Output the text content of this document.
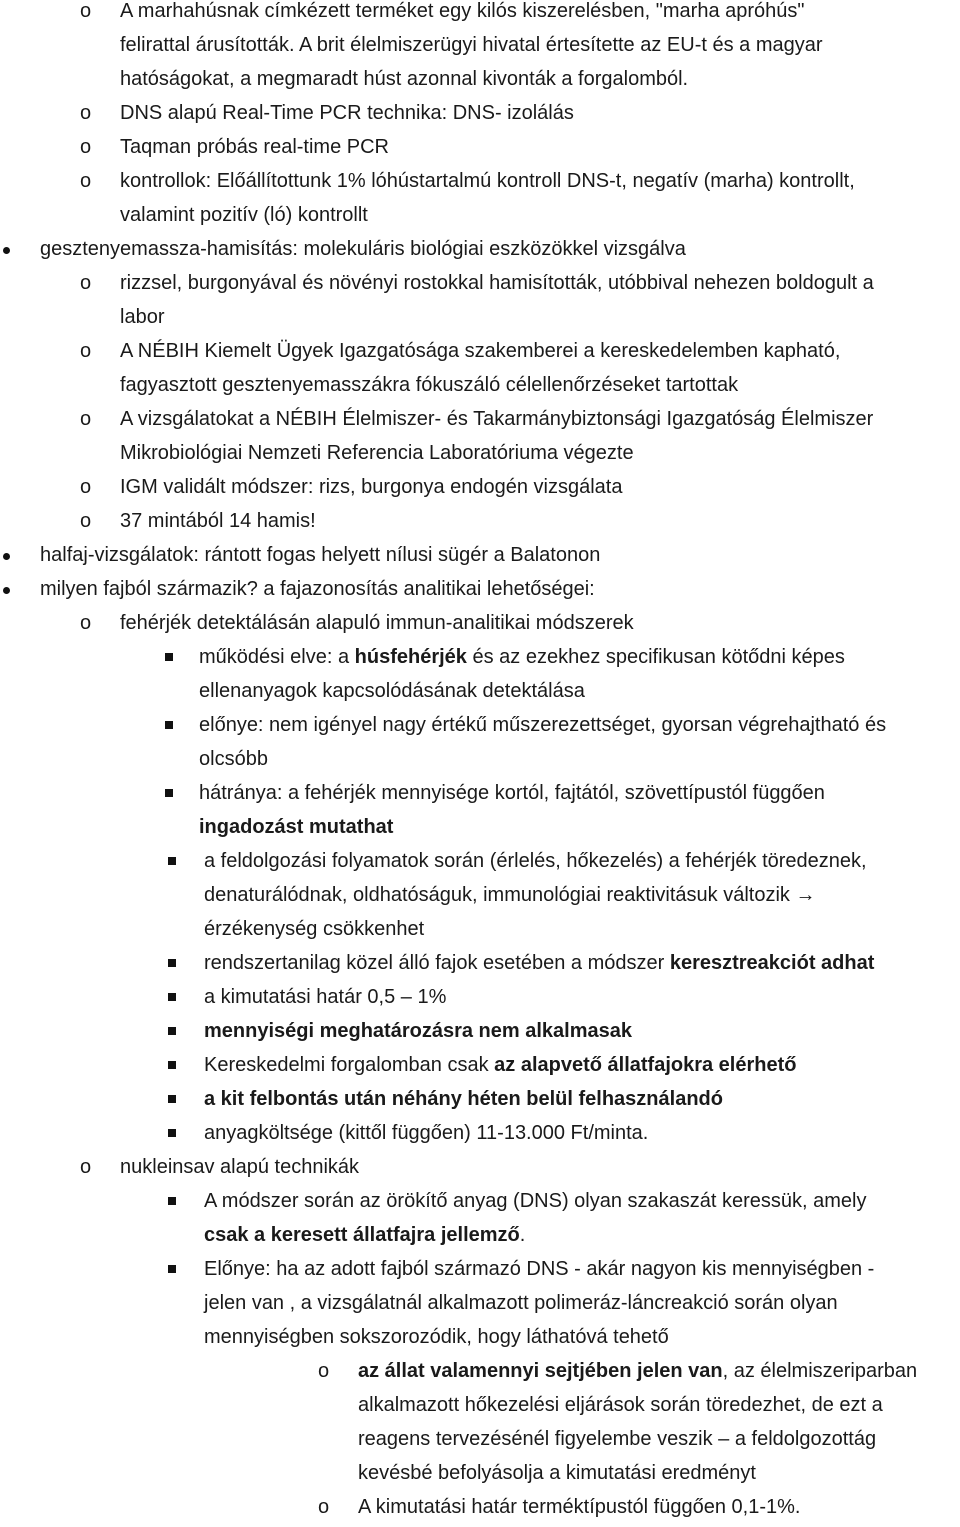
o A marhahúsnak címkézett terméket egy kilós kiszerelésben, "marha apróhús"
felirattal árusították. A brit élelmiszerügyi hivatal értesítette az EU-t és a magyar
hatóságokat, a megmaradt húst azonnal kivonták a forgalomból.
o DNS alapú Real-Time PCR technika: DNS- izolálás
o Taqman próbás real-time PCR
o kontrollok: Előállítottunk 1% lóhústartalmú kontroll DNS-t, negatív (marha) kontrollt,
valamint pozitív (ló) kontrollt
gesztenyemassza-hamisítás: molekuláris biológiai eszközökkel vizsgálva
o rizzsel, burgonyával és növényi rostokkal hamisították, utóbbival nehezen boldogult a
labor
o A NÉBIH Kiemelt Ügyek Igazgatósága szakemberei a kereskedelemben kapható,
fagyasztott gesztenyemasszákra fókuszáló célellenőrzéseket tartottak
o A vizsgálatokat a NÉBIH Élelmiszer- és Takarmánybiztonsági Igazgatóság Élelmiszer
Mikrobiológiai Nemzeti Referencia Laboratóriuma végezte
o IGM validált módszer: rizs, burgonya endogén vizsgálata
o 37 mintából 14 hamis!
halfaj-vizsgálatok: rántott fogas helyett nílusi sügér a Balatonon
milyen fajból származik? a fajazonosítás analitikai lehetőségei:
o fehérjék detektálásán alapuló immun-analitikai módszerek
működési elve: a húsfehérjék és az ezekhez specifikusan kötődni képes
ellenanyagok kapcsolódásának detektálása
előnye: nem igényel nagy értékű műszerezettséget, gyorsan végrehajtható és
olcsóbb
hátránya: a fehérjék mennyisége kortól, fajtától, szövettípustól függően
ingadozást mutathat
a feldolgozási folyamatok során (érlelés, hőkezelés) a fehérjék töredeznek,
denaturálódnak, oldhatóságuk, immunológiai reaktivitásuk változik →
érzékenység csökkenhet
rendszertanilag közel álló fajok esetében a módszer keresztreakciót adhat
a kimutatási határ 0,5 – 1%
mennyiségi meghatározásra nem alkalmasak
Kereskedelmi forgalomban csak az alapvető állatfajokra elérhető
a kit felbontás után néhány héten belül felhasználandó
anyagköltsége (kittől függően) 11-13.000 Ft/minta.
o nukleinsav alapú technikák
A módszer során az örökítő anyag (DNS) olyan szakaszát keressük, amely
csak a keresett állatfajra jellemző.
Előnye: ha az adott fajból származó DNS - akár nagyon kis mennyiségben -
jelen van , a vizsgálatnál alkalmazott polimeráz-láncreakció során olyan
mennyiségben sokszorozódik, hogy láthatóvá tehető
o az állat valamennyi sejtjében jelen van, az élelmiszeriparban
alkalmazott hőkezelési eljárások során töredezhet, de ezt a
reagens tervezésénél figyelembe veszik – a feldolgozottág
kevésbé befolyásolja a kimutatási eredményt
o A kimutatási határ terméktípustól függően 0,1-1%.
